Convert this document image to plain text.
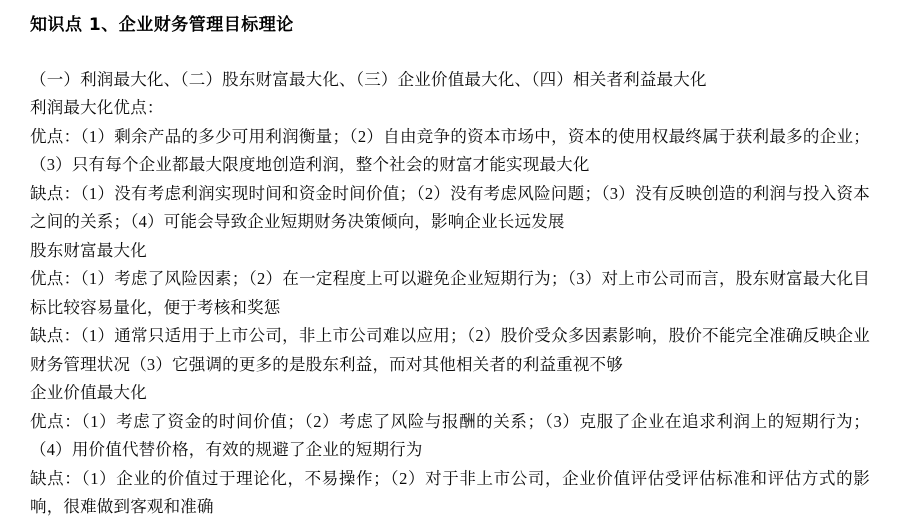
知识点 1、企业财务管理目标理论

（一）利润最大化、（二）股东财富最大化、（三）企业价值最大化、（四）相关者利益最大化

利润最大化优点：

优点：（1）剩余产品的多少可用利润衡量；（2）自由竞争的资本市场中，资本的使用权最终属于获利最多的企业；（3）只有每个企业都最大限度地创造利润，整个社会的财富才能实现最大化

缺点：（1）没有考虑利润实现时间和资金时间价值；（2）没有考虑风险问题；（3）没有反映创造的利润与投入资本之间的关系；（4）可能会导致企业短期财务决策倾向，影响企业长远发展

股东财富最大化

优点：（1）考虑了风险因素；（2）在一定程度上可以避免企业短期行为；（3）对上市公司而言，股东财富最大化目标比较容易量化，便于考核和奖惩

缺点：（1）通常只适用于上市公司，非上市公司难以应用；（2）股价受众多因素影响，股价不能完全准确反映企业财务管理状况（3）它强调的更多的是股东利益，而对其他相关者的利益重视不够

企业价值最大化

优点：（1）考虑了资金的时间价值；（2）考虑了风险与报酬的关系；（3）克服了企业在追求利润上的短期行为；（4）用价值代替价格，有效的规避了企业的短期行为

缺点：（1）企业的价值过于理论化，不易操作；（2）对于非上市公司，企业价值评估受评估标准和评估方式的影响，很难做到客观和准确
